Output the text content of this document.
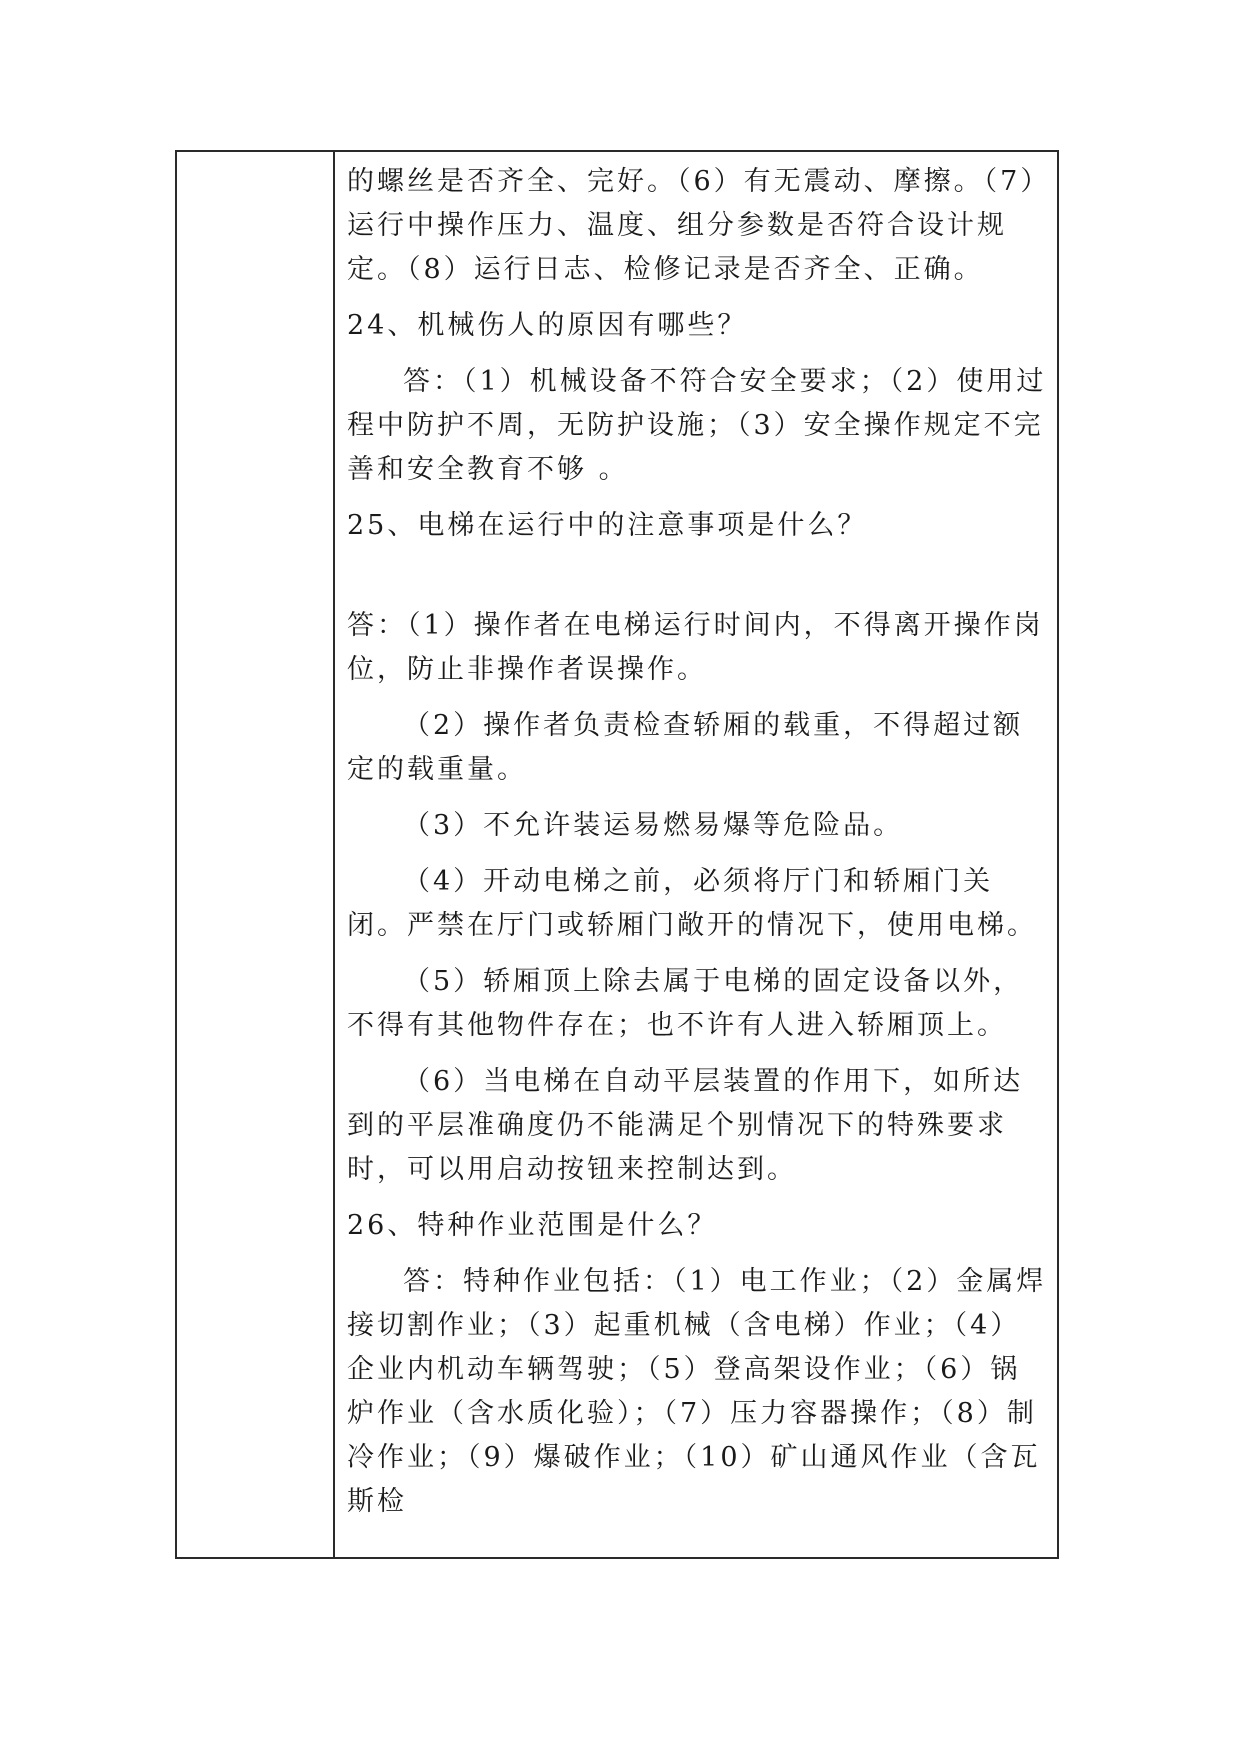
的螺丝是否齐全、完好。（6）有无震动、摩擦。（7）运行中操作压力、温度、组分参数是否符合设计规定。（8）运行日志、检修记录是否齐全、正确。

24、机械伤人的原因有哪些？

答：（1）机械设备不符合安全要求；（2）使用过程中防护不周，无防护设施；（3）安全操作规定不完善和安全教育不够 。

25、电梯在运行中的注意事项是什么？

答：（1）操作者在电梯运行时间内，不得离开操作岗位，防止非操作者误操作。

（2）操作者负责检查轿厢的载重，不得超过额定的载重量。

（3）不允许装运易燃易爆等危险品。

（4）开动电梯之前，必须将厅门和轿厢门关闭。严禁在厅门或轿厢门敞开的情况下，使用电梯。

（5）轿厢顶上除去属于电梯的固定设备以外，不得有其他物件存在；也不许有人进入轿厢顶上。

（6）当电梯在自动平层装置的作用下，如所达到的平层准确度仍不能满足个别情况下的特殊要求时，可以用启动按钮来控制达到。

26、特种作业范围是什么？

答：特种作业包括：（1）电工作业；（2）金属焊接切割作业；（3）起重机械（含电梯）作业；（4）企业内机动车辆驾驶；（5）登高架设作业；（6）锅炉作业（含水质化验）；（7）压力容器操作；（8）制冷作业；（9）爆破作业；（10）矿山通风作业（含瓦斯检
